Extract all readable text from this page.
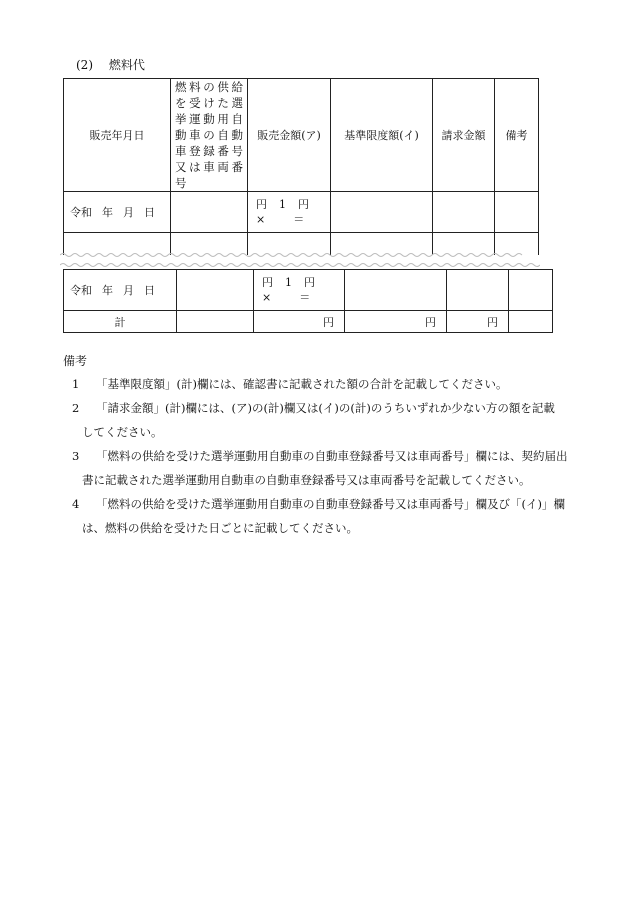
(2) 燃料代
販売年月日	燃料の供給を受けた選挙運動用自動車の自動車登録番号又は車両番号	販売金額(ア)	基準限度額(イ)	請求金額	備考
令和 年 月 日		円 1 円
× ＝			

令和 年 月 日		円 1 円
× ＝			

計		円	円	円	
備考
1 「基準限度額」(計)欄には、確認書に記載された額の合計を記載してください。
2 「請求金額」(計)欄には、(ア)の(計)欄又は(イ)の(計)のうちいずれか少ない方の額を記載
してください。
3 「燃料の供給を受けた選挙運動用自動車の自動車登録番号又は車両番号」欄には、契約届出
書に記載された選挙運動用自動車の自動車登録番号又は車両番号を記載してください。
4 「燃料の供給を受けた選挙運動用自動車の自動車登録番号又は車両番号」欄及び「(イ)」欄
は、燃料の供給を受けた日ごとに記載してください。
